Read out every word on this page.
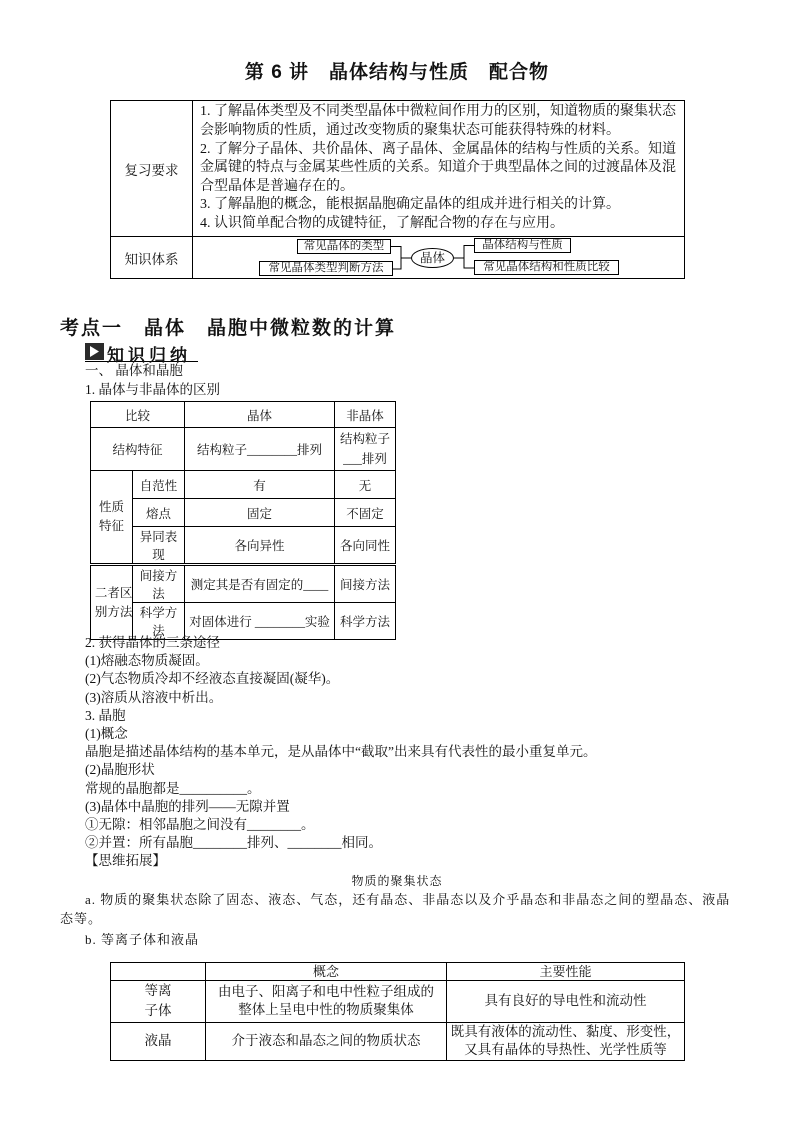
第 6 讲　晶体结构与性质　配合物
复习要求	1. 了解晶体类型及不同类型晶体中微粒间作用力的区别，知道物质的聚集状态会影响物质的性质，通过改变物质的聚集状态可能获得特殊的材料。
2. 了解分子晶体、共价晶体、离子晶体、金属晶体的结构与性质的关系。知道金属键的特点与金属某些性质的关系。知道介于典型晶体之间的过渡晶体及混合型晶体是普遍存在的。
3. 了解晶胞的概念，能根据晶胞确定晶体的组成并进行相关的计算。
4. 认识简单配合物的成键特征，了解配合物的存在与应用。

知识体系	常见晶体的类型
常见晶体类型判断方法
晶体
晶体结构与性质
常见晶体结构和性质比较
考点一　晶体　晶胞中微粒数的计算
知识归纳
一、 晶体和晶胞
1. 晶体与非晶体的区别
比较		晶体	非晶体
结构特征		结构粒子________排列	结构粒子___排列
性质特征	自范性	有	无
	熔点	固定	不固定
	异同表现	各向异性	各向同性
二者区别方法	间接方法	测定其是否有固定的____	间接方法
	科学方法	对固体进行 ________实验	科学方法
2. 获得晶体的三条途径
(1)熔融态物质凝固。
(2)气态物质冷却不经液态直接凝固(凝华)。
(3)溶质从溶液中析出。
3. 晶胞
(1)概念
晶胞是描述晶体结构的基本单元，是从晶体中“截取”出来具有代表性的最小重复单元。
(2)晶胞形状
常规的晶胞都是__________。
(3)晶体中晶胞的排列——无隙并置
①无隙：相邻晶胞之间没有________。
②并置：所有晶胞________排列、________相同。
【思维拓展】
物质的聚集状态
a. 物质的聚集状态除了固态、液态、气态，还有晶态、非晶态以及介乎晶态和非晶态之间的塑晶态、液晶态等。
b. 等离子体和液晶
	概念	主要性能
等离子体	由电子、阳离子和电中性粒子组成的整体上呈电中性的物质聚集体	具有良好的导电性和流动性
液晶	介于液态和晶态之间的物质状态	既具有液体的流动性、黏度、形变性，又具有晶体的导热性、光学性质等
